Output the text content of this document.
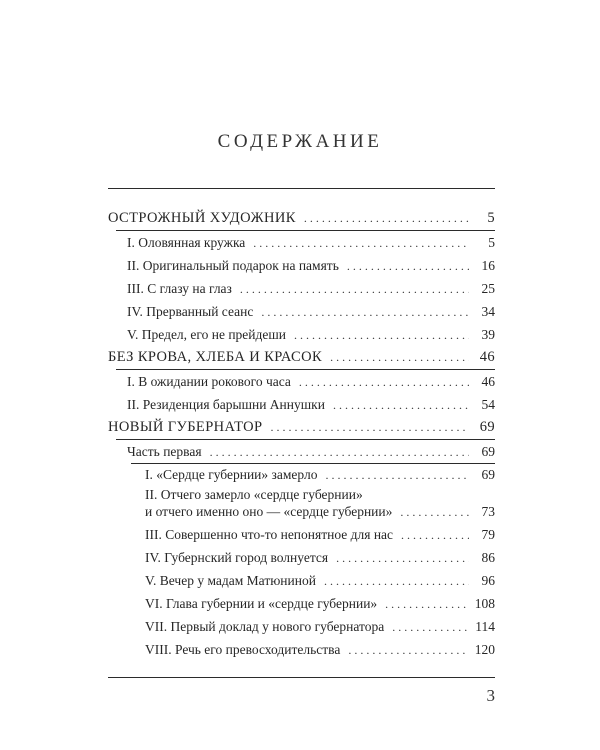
СОДЕРЖАНИЕ
ОСТРОЖНЫЙ ХУДОЖНИК . . .	5
I. Оловянная кружка . . .	5
II. Оригинальный подарок на память . . .	16
III. С глазу на глаз . . .	25
IV. Прерванный сеанс . . .	34
V. Предел, его не прейдеши . . .	39
БЕЗ КРОВА, ХЛЕБА И КРАСОК . . .	46
I. В ожидании рокового часа . . .	46
II. Резиденция барышни Аннушки . . .	54
НОВЫЙ ГУБЕРНАТОР . . .	69
Часть первая . . .	69
I. «Сердце губернии» замерло . . .	69
II. Отчего замерло «сердце губернии»
и отчего именно оно — «сердце губернии» . . .	73
III. Совершенно что-то непонятное для нас . . .	79
IV. Губернский город волнуется . . .	86
V. Вечер у мадам Матюниной . . .	96
VI. Глава губернии и «сердце губернии» . . .	108
VII. Первый доклад у нового губернатора . . .	114
VIII. Речь его превосходительства . . .	120
3
